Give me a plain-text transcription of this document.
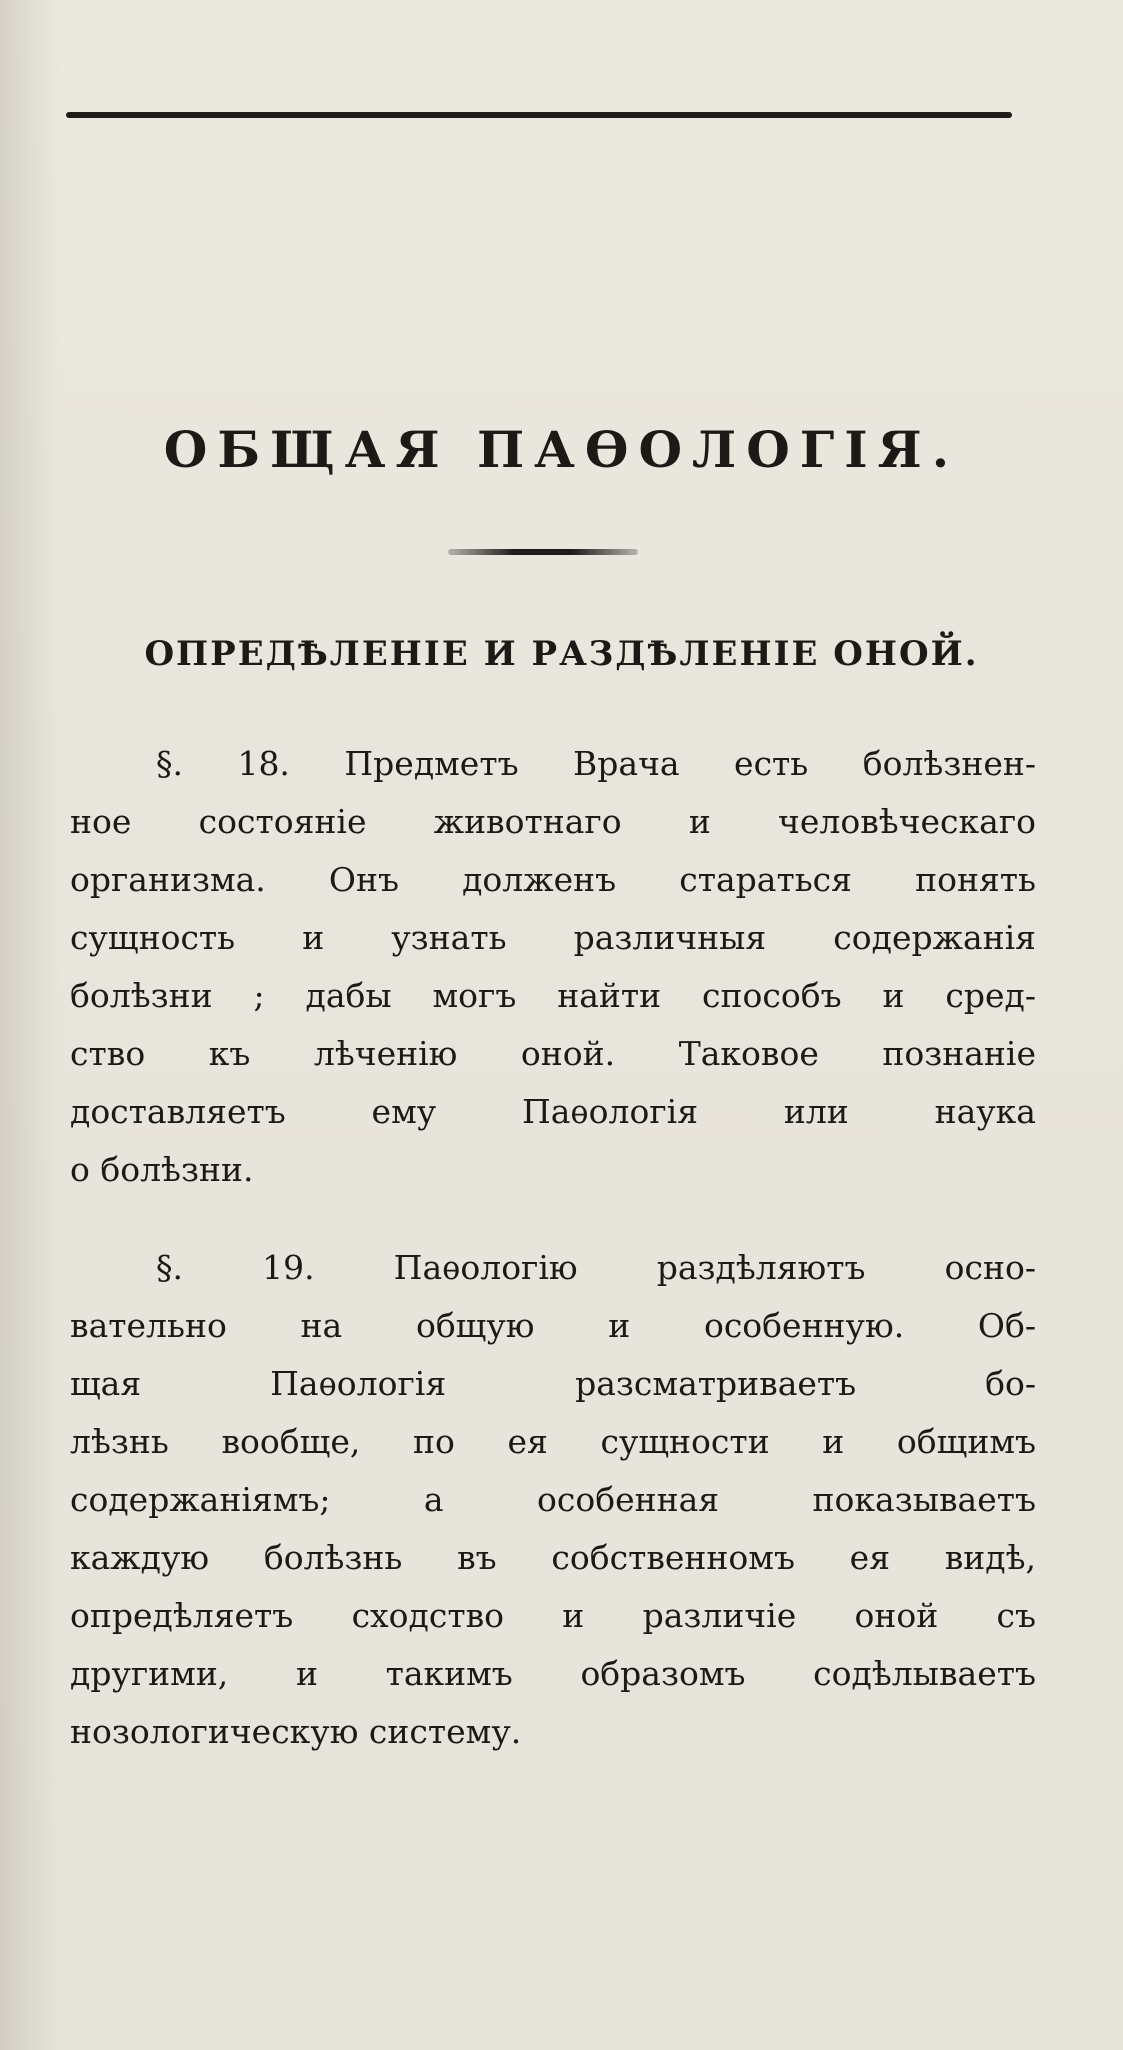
ОБЩАЯ ПАѲОЛОГІЯ.
ОПРЕДѢЛЕНІЕ И РАЗДѢЛЕНІЕ ОНОЙ.
§. 18. Предметъ Врача есть болѣзнен-
ное состояніе животнаго и человѣческаго
организма. Онъ долженъ стараться понять
сущность и узнать различныя содержанія
болѣзни ; дабы могъ найти способъ и сред-
ство къ лѣченію оной. Таковое познаніе
доставляетъ ему Паѳологія или наука
о болѣзни.
§. 19. Паѳологію раздѣляютъ осно-
вательно на общую и особенную. Об-
щая Паѳологія разсматриваетъ бо-
лѣзнь вообще, по ея сущности и общимъ
содержаніямъ; а особенная показываетъ
каждую болѣзнь въ собственномъ ея видѣ,
опредѣляетъ сходство и различіе оной съ
другими, и такимъ образомъ содѣлываетъ
нозологическую систему.
